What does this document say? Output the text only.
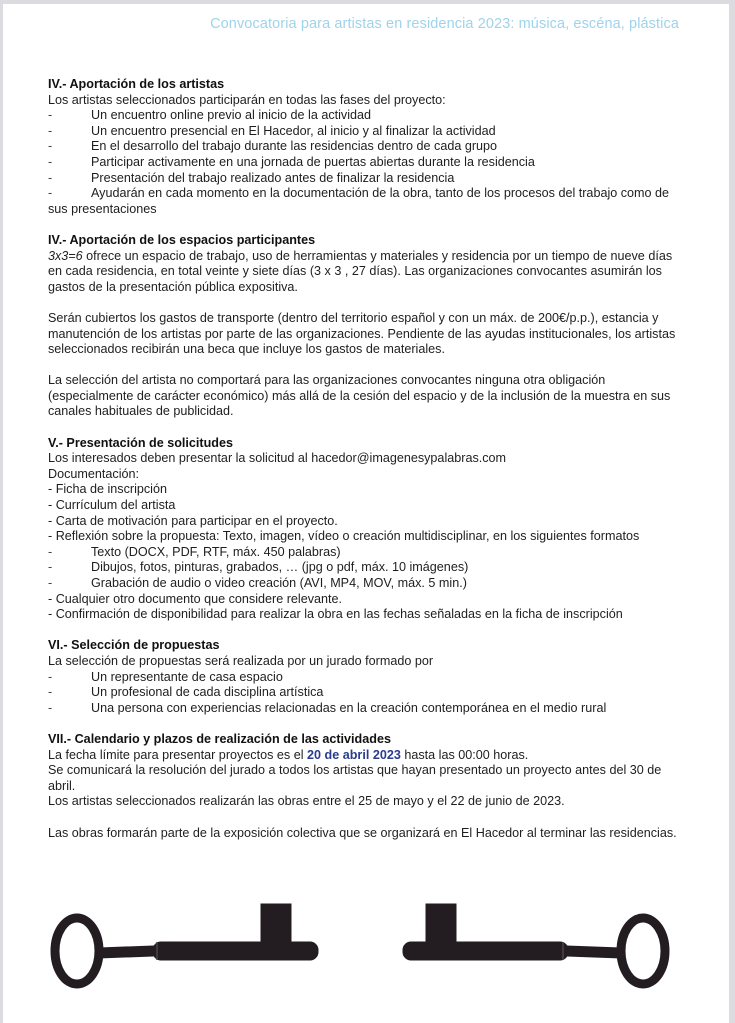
Convocatoria para artistas en residencia 2023: música, escéna, plástica

IV.- Aportación de los artistas

Los artistas seleccionados participarán en todas las fases del proyecto:

-	Un encuentro online previo al inicio de la actividad
-	Un encuentro presencial en El Hacedor, al inicio y al finalizar la actividad
-	En el desarrollo del trabajo durante las residencias dentro de cada grupo
-	Participar activamente en una jornada de puertas abiertas durante la residencia
-	Presentación del trabajo realizado antes de finalizar la residencia
-	Ayudarán en cada momento en la documentación de la obra, tanto de los procesos del trabajo como de sus presentaciones

IV.- Aportación de los espacios participantes

3x3=6 ofrece un espacio de trabajo, uso de herramientas y materiales y residencia por un tiempo de nueve días en cada residencia, en total veinte y siete días (3 x 3 , 27 días). Las organizaciones convocantes asumirán los gastos de la presentación pública expositiva.

Serán cubiertos los gastos de transporte (dentro del territorio español y con un máx. de 200€/p.p.), estancia y manutención de los artistas por parte de las organizaciones. Pendiente de las ayudas institucionales, los artistas seleccionados recibirán una beca que incluye los gastos de materiales.

La selección del artista no comportará para las organizaciones convocantes ninguna otra obligación (especialmente de carácter económico) más allá de la cesión del espacio y de la inclusión de la muestra en sus canales habituales de publicidad.

V.- Presentación de solicitudes

Los interesados deben presentar la solicitud al hacedor@imagenesypalabras.com

Documentación:

- Ficha de inscripción

- Currículum del artista

- Carta de motivación para participar en el proyecto.

- Reflexión sobre la propuesta: Texto, imagen, vídeo o creación multidisciplinar, en los siguientes formatos

-	Texto (DOCX, PDF, RTF, máx. 450 palabras)
-	Dibujos, fotos, pinturas, grabados, … (jpg o pdf, máx. 10 imágenes)
-	Grabación de audio o video creación (AVI, MP4, MOV, máx. 5 min.)

- Cualquier otro documento que considere relevante.

- Confirmación de disponibilidad para realizar la obra en las fechas señaladas en la ficha de inscripción

VI.- Selección de propuestas

La selección de propuestas será realizada por un jurado formado por

-	Un representante de casa espacio
-	Un profesional de cada disciplina artística
-	Una persona con experiencias relacionadas en la creación contemporánea en el medio rural

VII.- Calendario y plazos de realización de las actividades

La fecha límite para presentar proyectos es el 20 de abril 2023 hasta las 00:00 horas.

Se comunicará la resolución del jurado a todos los artistas que hayan presentado un proyecto antes del 30 de abril.

Los artistas seleccionados realizarán las obras entre el 25 de mayo y el 22 de junio de 2023.

Las obras formarán parte de la exposición colectiva que se organizará en El Hacedor al terminar las residencias.
